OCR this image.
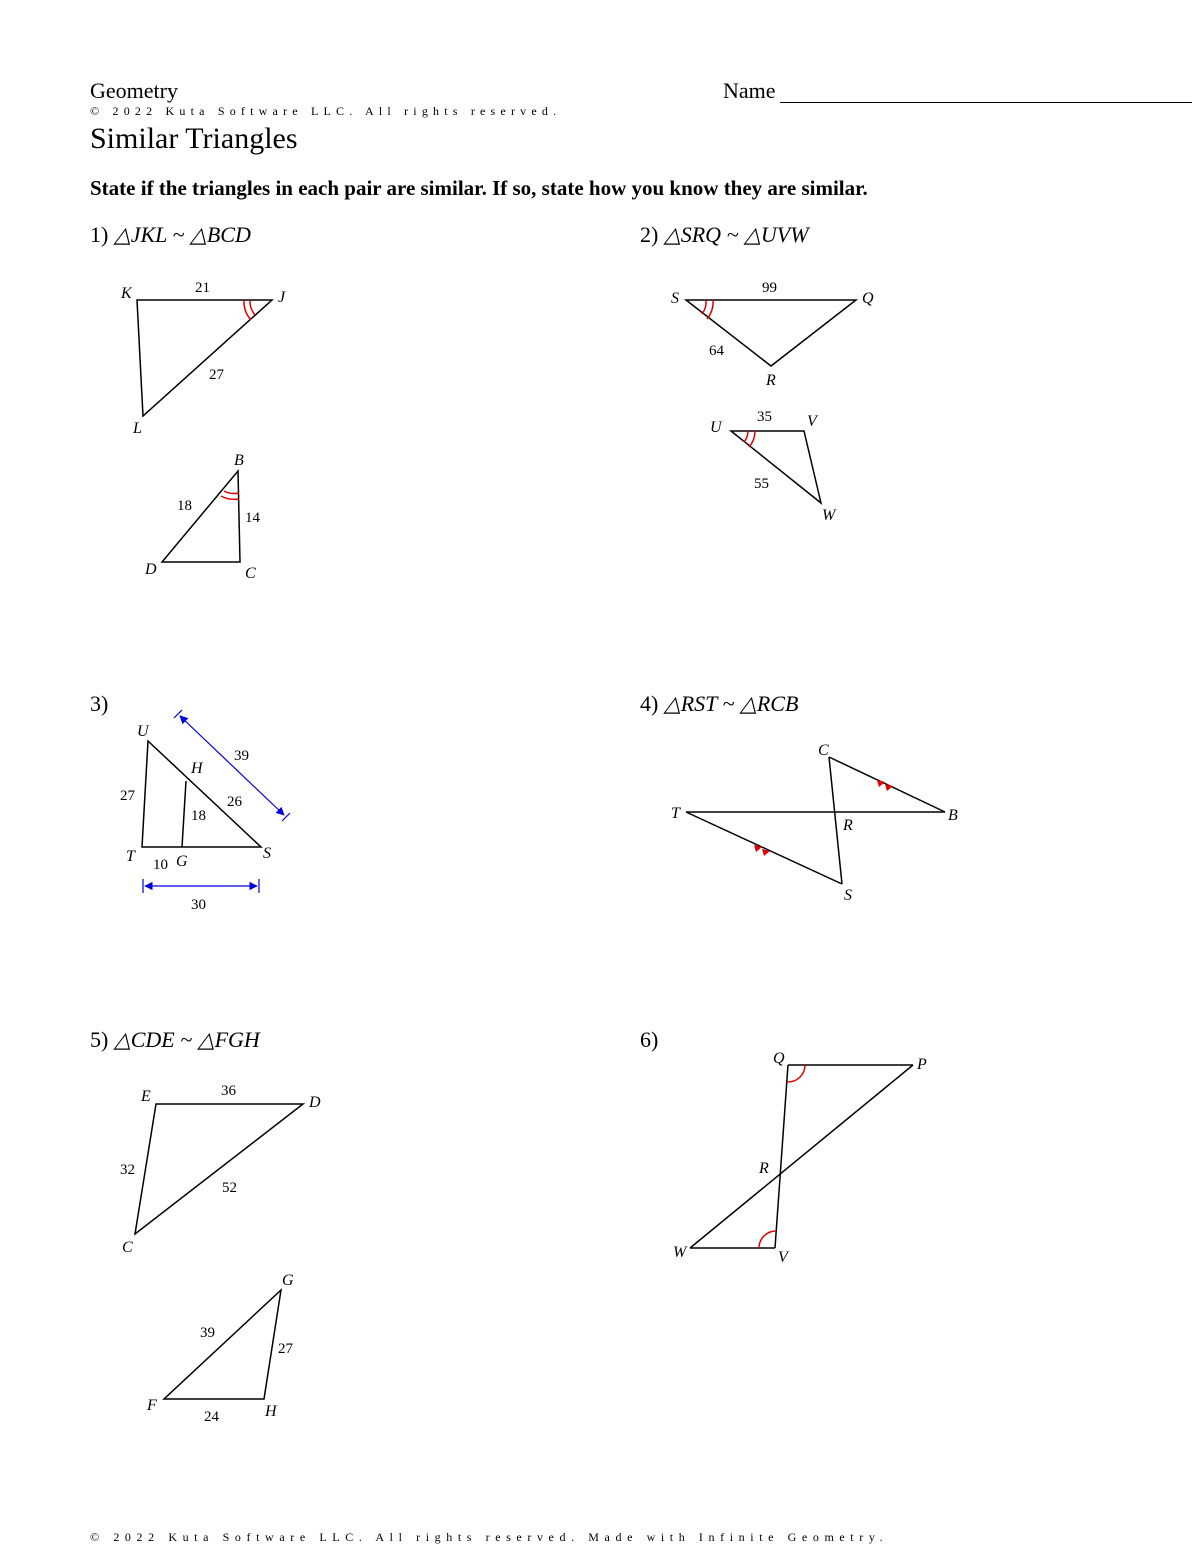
Geometry	Name
© 2022 Kuta Software LLC. All rights reserved.
Similar Triangles
State if the triangles in each pair are similar. If so, state how you know they are similar.
1) △JKL ~ △BCD	2) △SRQ ~ △UVW
3)	4) △RST ~ △RCB
5) △CDE ~ △FGH	6)
K	J
L
B
D	C
21
27
18
14
S	Q
R
U	V
W
99
64
35
55
U
H
T	G	S
39
27	26
18
10
30
C
T	B
R
S
E	D
C
G
F	H
36
32
52
39
27
24
Q	P
R
W	V
© 2022 Kuta Software LLC. All rights reserved. Made with Infinite Geometry.
